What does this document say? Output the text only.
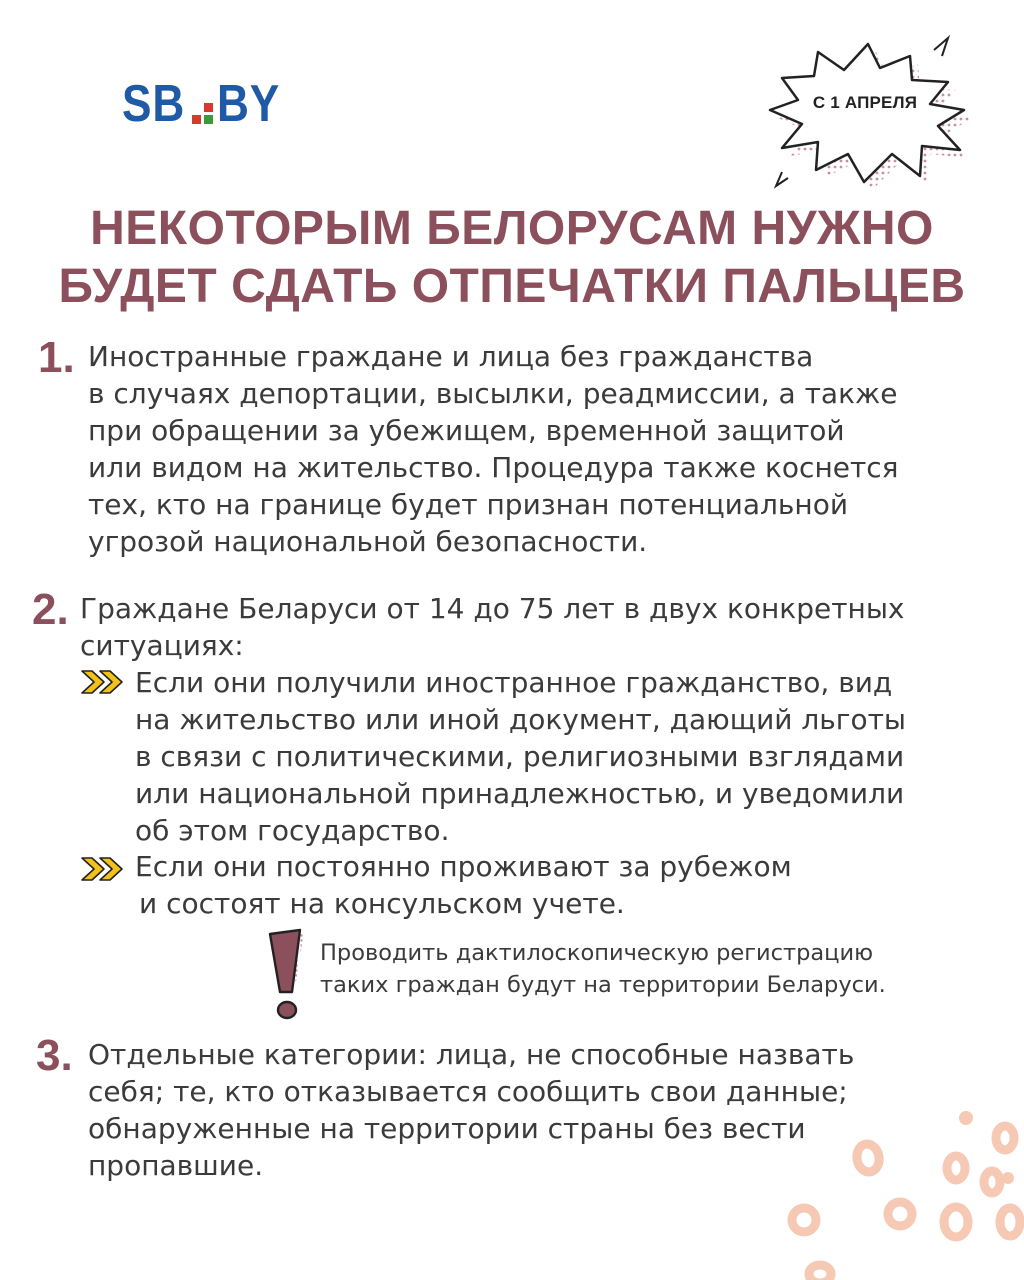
SB BY	С 1 АПРЕЛЯ
НЕКОТОРЫМ БЕЛОРУСАМ НУЖНО
БУДЕТ СДАТЬ ОТПЕЧАТКИ ПАЛЬЦЕВ
1. Иностранные граждане и лица без гражданства
в случаях депортации, высылки, реадмиссии, а также
при обращении за убежищем, временной защитой
или видом на жительство. Процедура также коснется
тех, кто на границе будет признан потенциальной
угрозой национальной безопасности.
2. Граждане Беларуси от 14 до 75 лет в двух конкретных
ситуациях:
Если они получили иностранное гражданство, вид
на жительство или иной документ, дающий льготы
в связи с политическими, религиозными взглядами
или национальной принадлежностью, и уведомили
об этом государство.
Если они постоянно проживают за рубежом
и состоят на консульском учете.
Проводить дактилоскопическую регистрацию
таких граждан будут на территории Беларуси.
3. Отдельные категории: лица, не способные назвать
себя; те, кто отказывается сообщить свои данные;
обнаруженные на территории страны без вести
пропавшие.
